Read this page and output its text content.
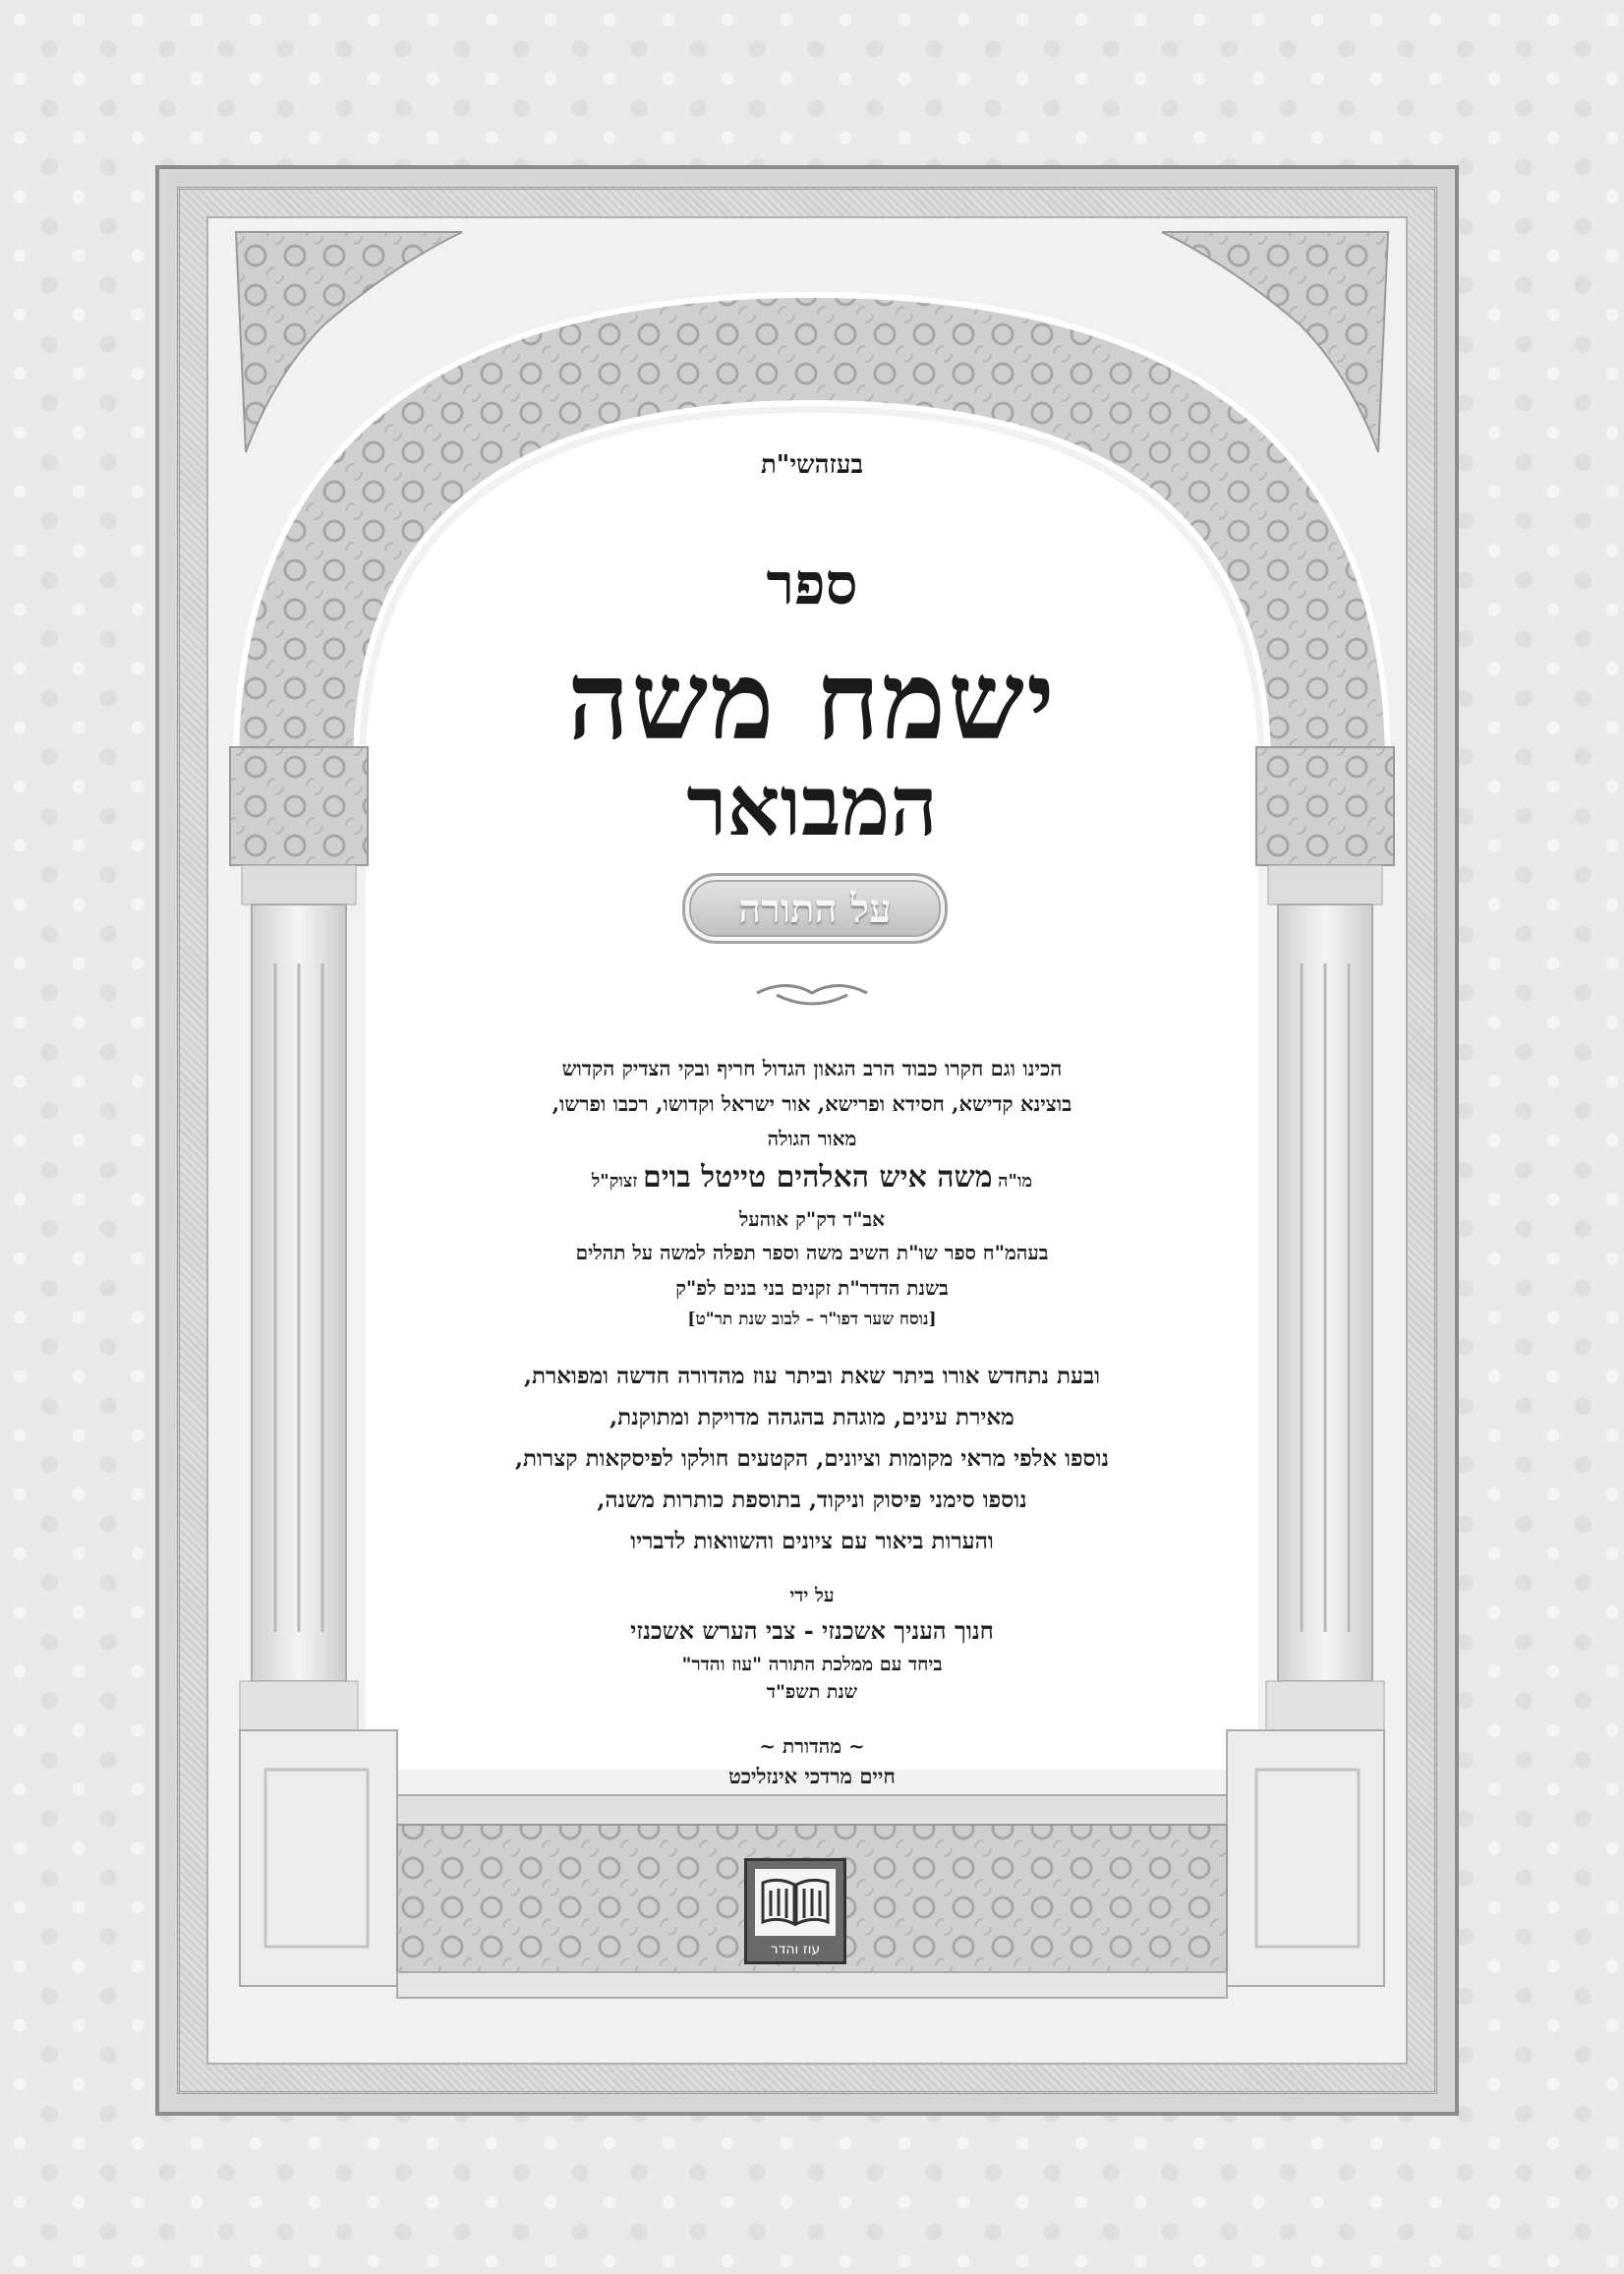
בעזהשי"ת
ספר
ישמח משה
המבואר
על התורה
הכינו וגם חקרו כבוד הרב הגאון הגדול חריף ובקי הצדיק הקדוש
בוצינא קדישא, חסידא ופרישא, אור ישראל וקדושו, רכבו ופרשו,
מאור הגולה
מו"ה משה איש האלהים טייטל בוים זצוק"ל
אב"ד דק"ק אוהעל
בעהמ"ח ספר שו"ת השיב משה וספר תפלה למשה על תהלים
בשנת הדדר"ת זקנים בני בנים לפ"ק
[נוסח שער דפו"ר – לבוב שנת תר"ט]
ובעת נתחדש אורו ביתר שאת וביתר עוז מהדורה חדשה ומפוארת,
מאירת עינים, מוגהת בהגהה מדויקת ומתוקנת,
נוספו אלפי מראי מקומות וציונים, הקטעים חולקו לפיסקאות קצרות,
נוספו סימני פיסוק וניקוד, בתוספת כותרות משנה,
והערות ביאור עם ציונים והשוואות לדבריו
על ידי
חנוך העניך אשכנזי - צבי הערש אשכנזי
ביחד עם ממלכת התורה "עוז והדר"
שנת תשפ"ד
~ מהדורת ~
חיים מרדכי אינזליכט
עוז והדר
